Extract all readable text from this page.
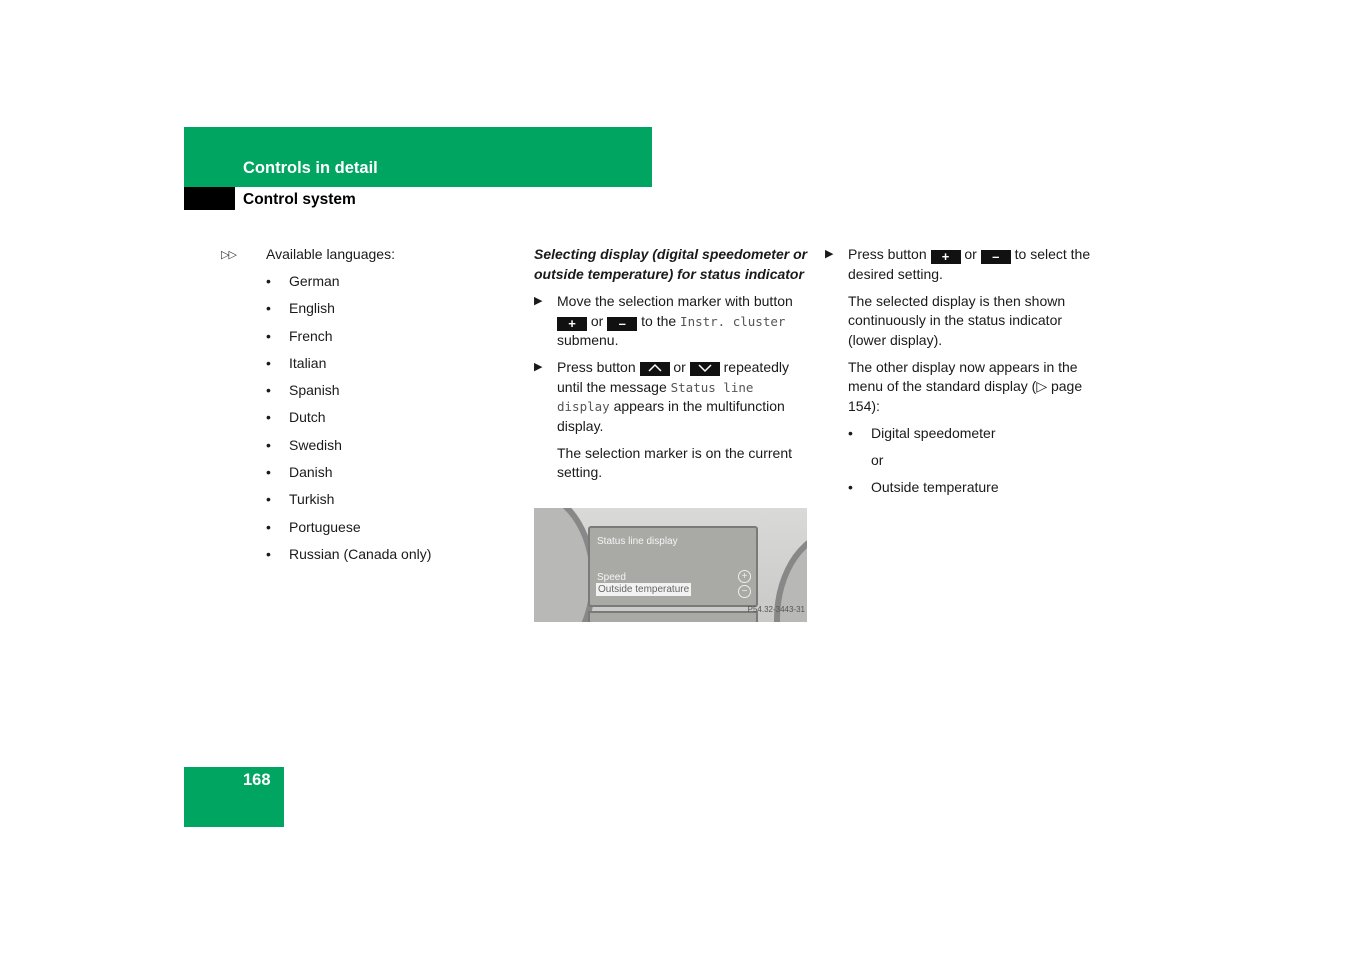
Controls in detail
Control system
▷▷ Available languages:
• German
• English
• French
• Italian
• Spanish
• Dutch
• Swedish
• Danish
• Turkish
• Portuguese
• Russian (Canada only)
Selecting display (digital speedometer or outside temperature) for status indicator
▶ Move the selection marker with button + or – to the Instr. cluster submenu.
▶ Press button	or	repeatedly until the message Status line display appears in the multifunction display.
The selection marker is on the current setting.
Status line display
Speed
Outside temperature
+
−
P54.32-3443-31
▶ Press button + or – to select the desired setting.
The selected display is then shown continuously in the status indicator (lower display).
The other display now appears in the menu of the standard display (▷ page 154):
• Digital speedometer
or
• Outside temperature
168
